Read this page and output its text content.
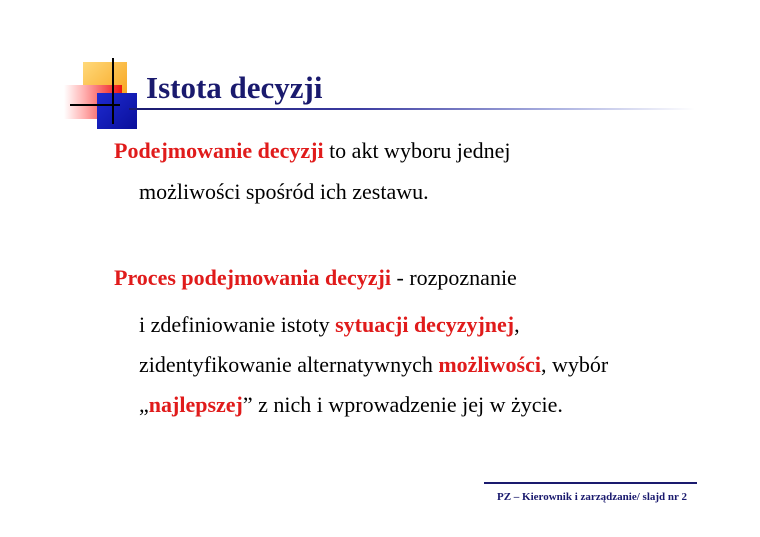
Istota decyzji
Podejmowanie decyzji to akt wyboru jednej
możliwości spośród ich zestawu.
Proces podejmowania decyzji - rozpoznanie
i zdefiniowanie istoty sytuacji decyzyjnej,
zidentyfikowanie alternatywnych możliwości, wybór
„najlepszej” z nich i wprowadzenie jej w życie.
PZ – Kierownik i zarządzanie/ slajd nr 2
